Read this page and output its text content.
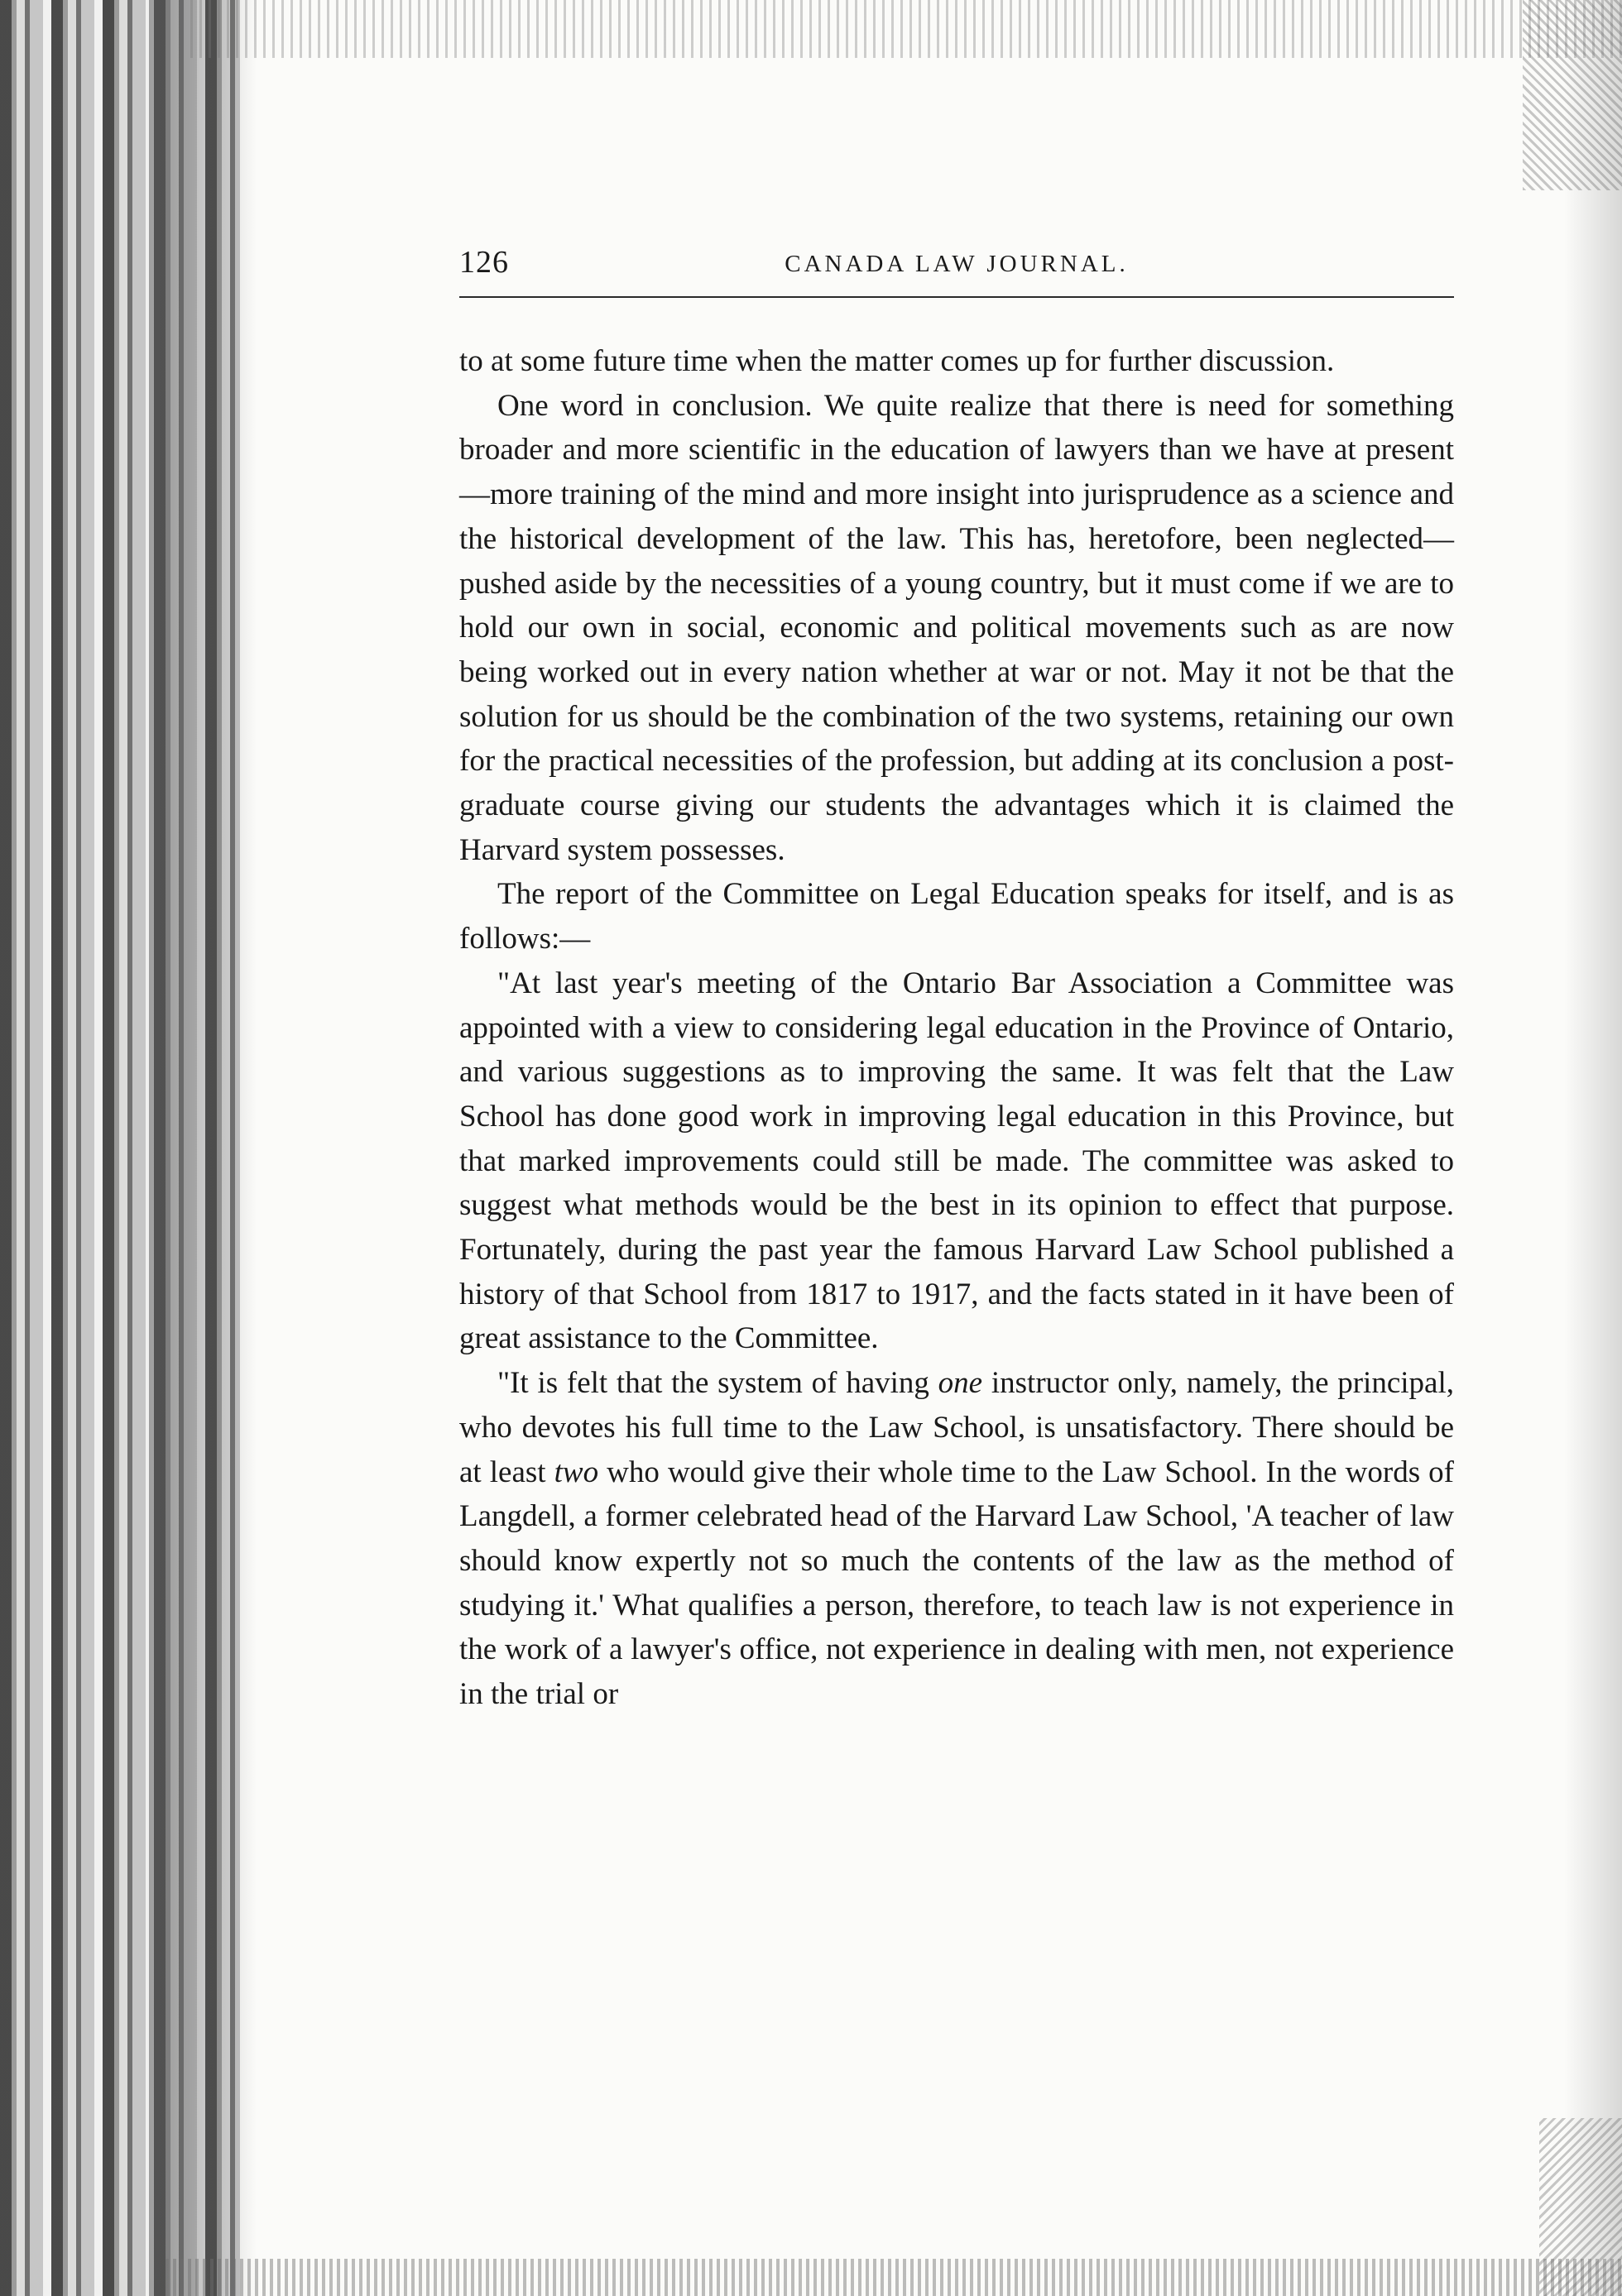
126	CANADA LAW JOURNAL.

to at some future time when the matter comes up for further discussion.

One word in conclusion. We quite realize that there is need for something broader and more scientific in the education of lawyers than we have at present—more training of the mind and more insight into jurisprudence as a science and the historical development of the law. This has, heretofore, been neglected—pushed aside by the necessities of a young country, but it must come if we are to hold our own in social, economic and political movements such as are now being worked out in every nation whether at war or not. May it not be that the solution for us should be the combination of the two systems, retaining our own for the practical necessities of the profession, but adding at its conclusion a post-graduate course giving our students the advantages which it is claimed the Harvard system possesses.

The report of the Committee on Legal Education speaks for itself, and is as follows:—

"At last year's meeting of the Ontario Bar Association a Committee was appointed with a view to considering legal education in the Province of Ontario, and various suggestions as to improving the same. It was felt that the Law School has done good work in improving legal education in this Province, but that marked improvements could still be made. The committee was asked to suggest what methods would be the best in its opinion to effect that purpose. Fortunately, during the past year the famous Harvard Law School published a history of that School from 1817 to 1917, and the facts stated in it have been of great assistance to the Committee.

"It is felt that the system of having one instructor only, namely, the principal, who devotes his full time to the Law School, is unsatisfactory. There should be at least two who would give their whole time to the Law School. In the words of Langdell, a former celebrated head of the Harvard Law School, 'A teacher of law should know expertly not so much the contents of the law as the method of studying it.' What qualifies a person, therefore, to teach law is not experience in the work of a lawyer's office, not experience in dealing with men, not experience in the trial or
